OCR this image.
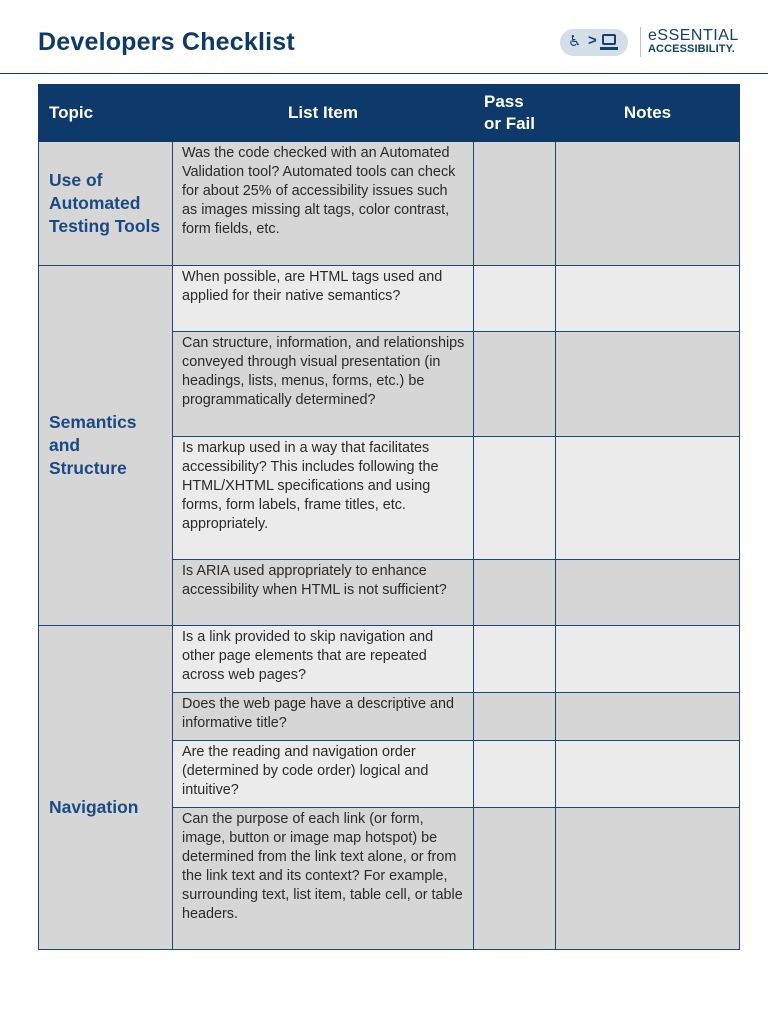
Developers Checklist	♿ >	eSSENTIAL
ACCESSIBILITY.
Topic	List Item	Pass or Fail	Notes
Use of Automated Testing Tools	Was the code checked with an Automated Validation tool? Automated tools can check for about 25% of accessibility issues such as images missing alt tags, color contrast, form fields, etc.		
Semantics and Structure	When possible, are HTML tags used and applied for their native semantics?		
	Can structure, information, and relationships conveyed through visual presentation (in headings, lists, menus, forms, etc.) be programmatically determined?		
	Is markup used in a way that facilitates accessibility? This includes following the HTML/XHTML specifications and using forms, form labels, frame titles, etc. appropriately.		
	Is ARIA used appropriately to enhance accessibility when HTML is not sufficient?		
Navigation	Is a link provided to skip navigation and other page elements that are repeated across web pages?		
	Does the web page have a descriptive and informative title?		
	Are the reading and navigation order (determined by code order) logical and intuitive?		
	Can the purpose of each link (or form, image, button or image map hotspot) be determined from the link text alone, or from the link text and its context? For example, surrounding text, list item, table cell, or table headers.		
